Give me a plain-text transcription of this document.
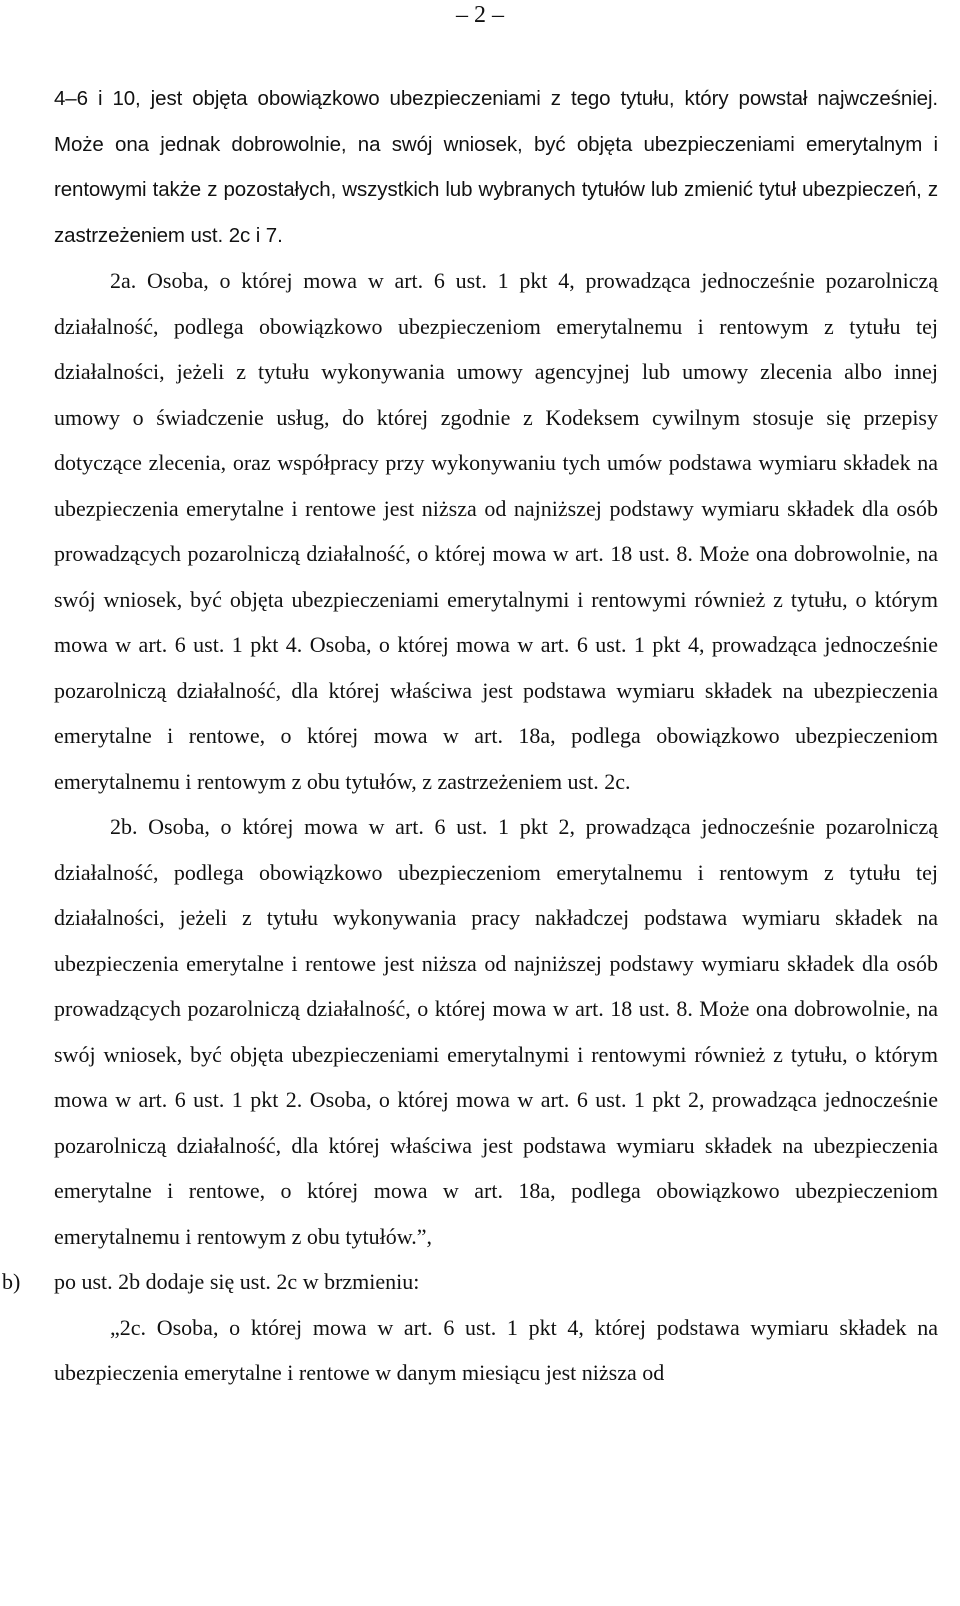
– 2 –

4–6 i 10, jest objęta obowiązkowo ubezpieczeniami z tego tytułu, który powstał najwcześniej. Może ona jednak dobrowolnie, na swój wniosek, być objęta ubezpieczeniami emerytalnym i rentowymi także z pozostałych, wszystkich lub wybranych tytułów lub zmienić tytuł ubezpieczeń, z zastrzeżeniem ust. 2c i 7.

2a. Osoba, o której mowa w art. 6 ust. 1 pkt 4, prowadząca jednocześnie pozarolniczą działalność, podlega obowiązkowo ubezpieczeniom emerytalnemu i rentowym z tytułu tej działalności, jeżeli z tytułu wykonywania umowy agencyjnej lub umowy zlecenia albo innej umowy o świadczenie usług, do której zgodnie z Kodeksem cywilnym stosuje się przepisy dotyczące zlecenia, oraz współpracy przy wykonywaniu tych umów podstawa wymiaru składek na ubezpieczenia emerytalne i rentowe jest niższa od najniższej podstawy wymiaru składek dla osób prowadzących pozarolniczą działalność, o której mowa w art. 18 ust. 8. Może ona dobrowolnie, na swój wniosek, być objęta ubezpieczeniami emerytalnymi i rentowymi również z tytułu, o którym mowa w art. 6 ust. 1 pkt 4. Osoba, o której mowa w art. 6 ust. 1 pkt 4, prowadząca jednocześnie pozarolniczą działalność, dla której właściwa jest podstawa wymiaru składek na ubezpieczenia emerytalne i rentowe, o której mowa w art. 18a, podlega obowiązkowo ubezpieczeniom emerytalnemu i rentowym z obu tytułów, z zastrzeżeniem ust. 2c.

2b. Osoba, o której mowa w art. 6 ust. 1 pkt 2, prowadząca jednocześnie pozarolniczą działalność, podlega obowiązkowo ubezpieczeniom emerytalnemu i rentowym z tytułu tej działalności, jeżeli z tytułu wykonywania pracy nakładczej podstawa wymiaru składek na ubezpieczenia emerytalne i rentowe jest niższa od najniższej podstawy wymiaru składek dla osób prowadzących pozarolniczą działalność, o której mowa w art. 18 ust. 8. Może ona dobrowolnie, na swój wniosek, być objęta ubezpieczeniami emerytalnymi i rentowymi również z tytułu, o którym mowa w art. 6 ust. 1 pkt 2. Osoba, o której mowa w art. 6 ust. 1 pkt 2, prowadząca jednocześnie pozarolniczą działalność, dla której właściwa jest podstawa wymiaru składek na ubezpieczenia emerytalne i rentowe, o której mowa w art. 18a, podlega obowiązkowo ubezpieczeniom emerytalnemu i rentowym z obu tytułów.”,

b) po ust. 2b dodaje się ust. 2c w brzmieniu:

„2c. Osoba, o której mowa w art. 6 ust. 1 pkt 4, której podstawa wymiaru składek na ubezpieczenia emerytalne i rentowe w danym miesiącu jest niższa od
